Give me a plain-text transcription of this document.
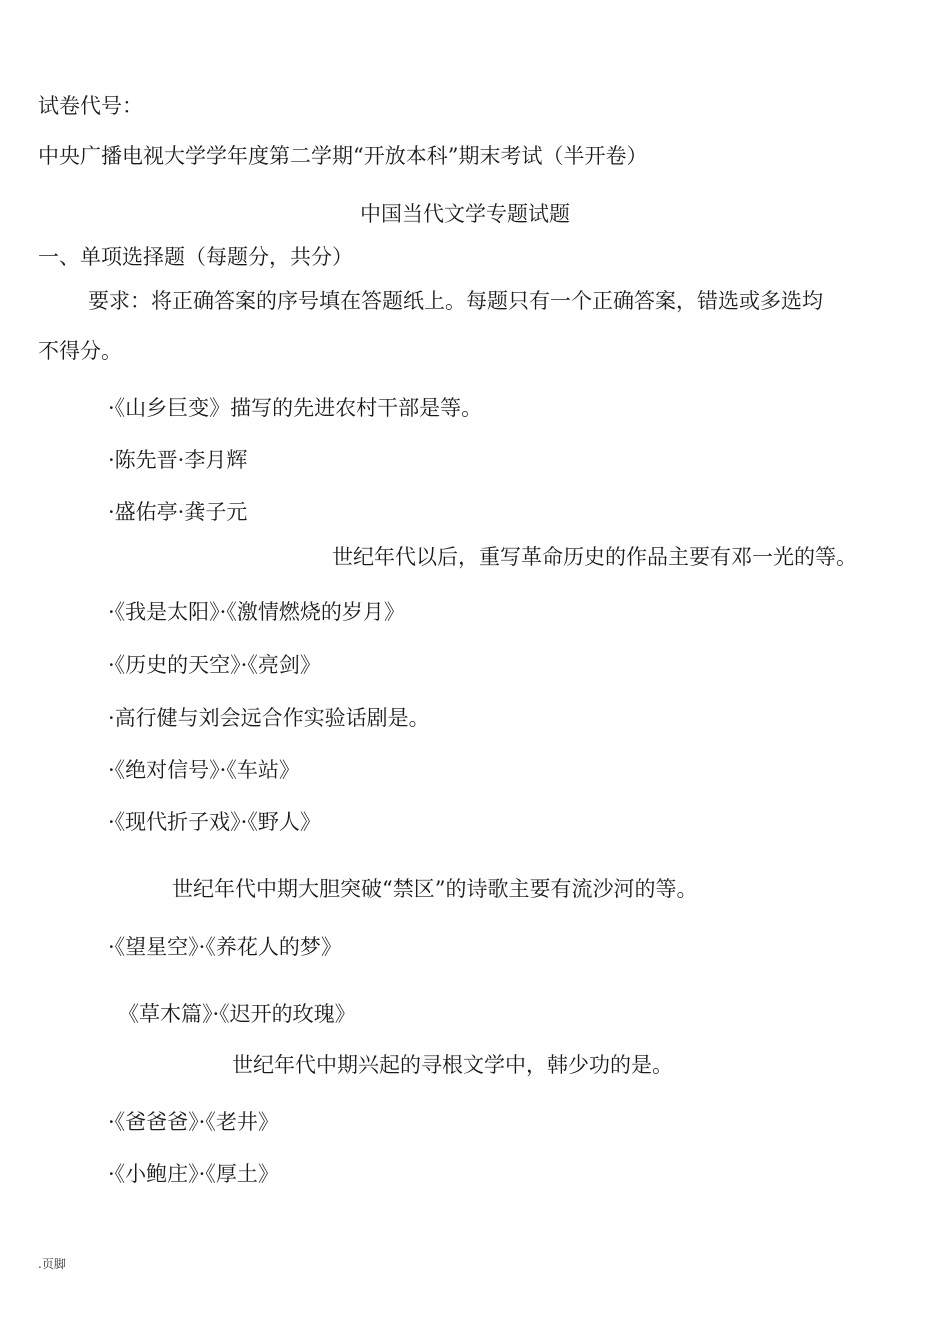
试卷代号：
中央广播电视大学学年度第二学期“开放本科”期末考试（半开卷）
中国当代文学专题试题
一、单项选择题（每题分，共分）
要求：将正确答案的序号填在答题纸上。每题只有一个正确答案，错选或多选均
不得分。
·《山乡巨变》描写的先进农村干部是等。
·陈先晋·李月辉
·盛佑亭·龚子元
世纪年代以后，重写革命历史的作品主要有邓一光的等。
·《我是太阳》·《激情燃烧的岁月》
·《历史的天空》·《亮剑》
·高行健与刘会远合作实验话剧是。
·《绝对信号》·《车站》
·《现代折子戏》·《野人》
世纪年代中期大胆突破“禁区”的诗歌主要有流沙河的等。
·《望星空》·《养花人的梦》
《草木篇》·《迟开的玫瑰》
世纪年代中期兴起的寻根文学中，韩少功的是。
·《爸爸爸》·《老井》
·《小鲍庄》·《厚土》
.页脚
